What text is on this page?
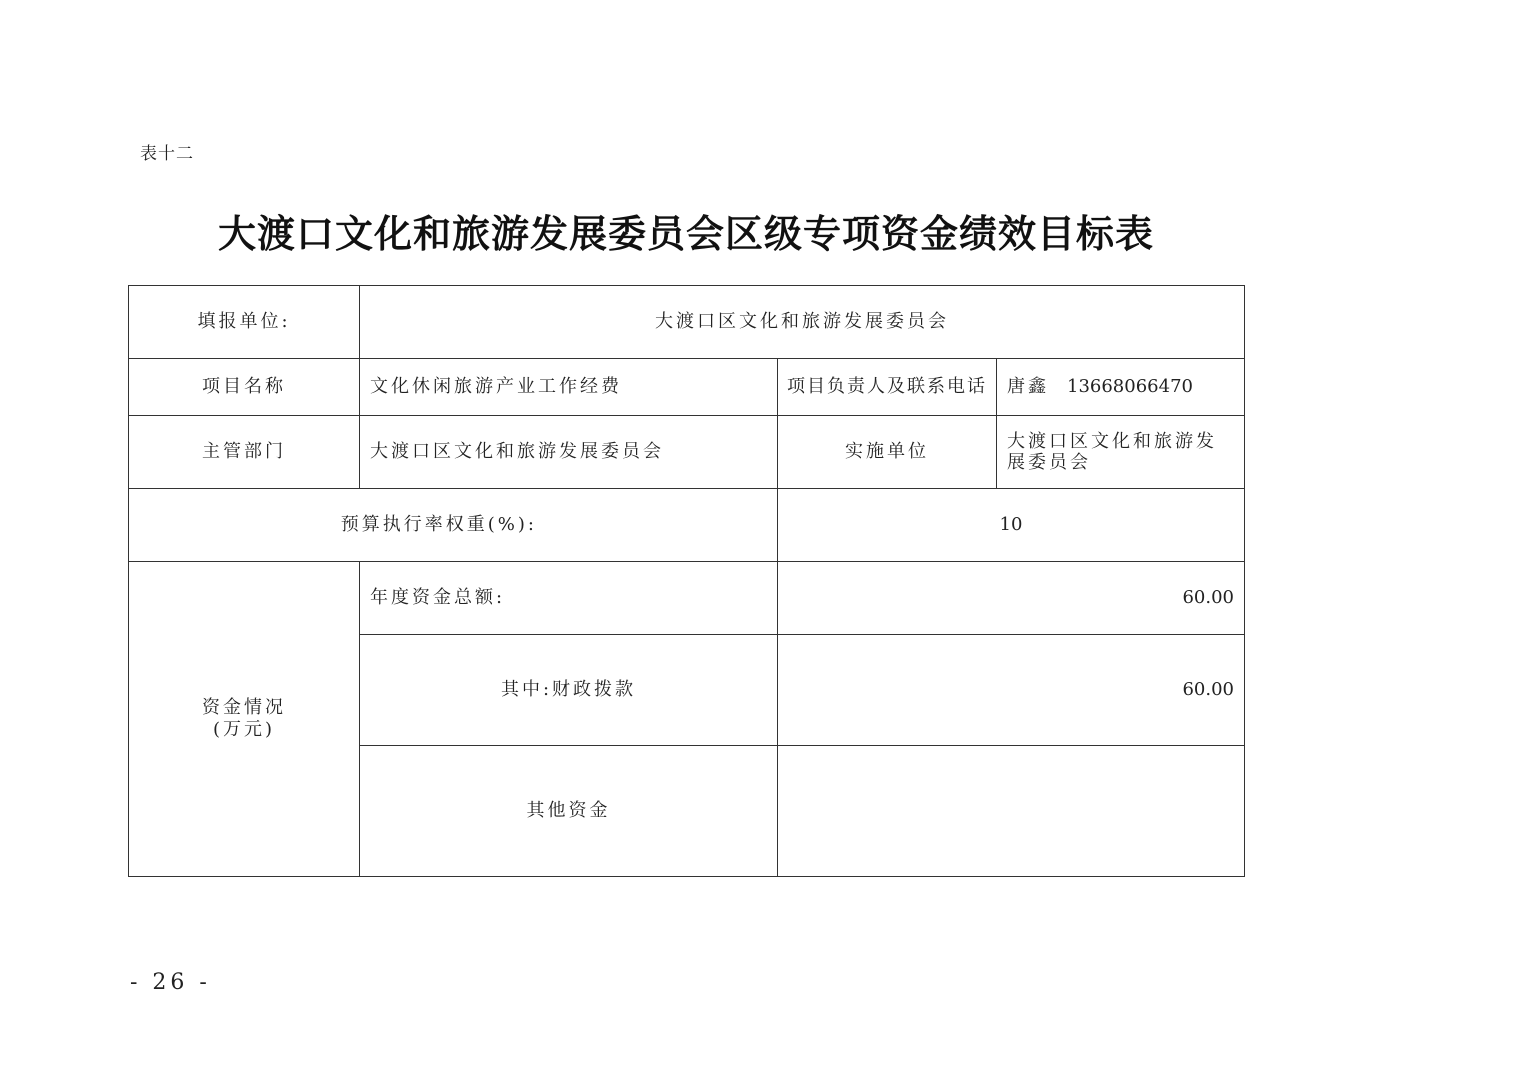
表十二
大渡口文化和旅游发展委员会区级专项资金绩效目标表
填报单位:	大渡口区文化和旅游发展委员会		
项目名称	文化休闲旅游产业工作经费	项目负责人及联系电话	唐鑫 13668066470
主管部门	大渡口区文化和旅游发展委员会	实施单位	大渡口区文化和旅游发展委员会
预算执行率权重(%):		10	

资金情况
(万元)	年度资金总额:	60.00	
	其中:财政拨款	60.00	
	其他资金		
- 26 -
